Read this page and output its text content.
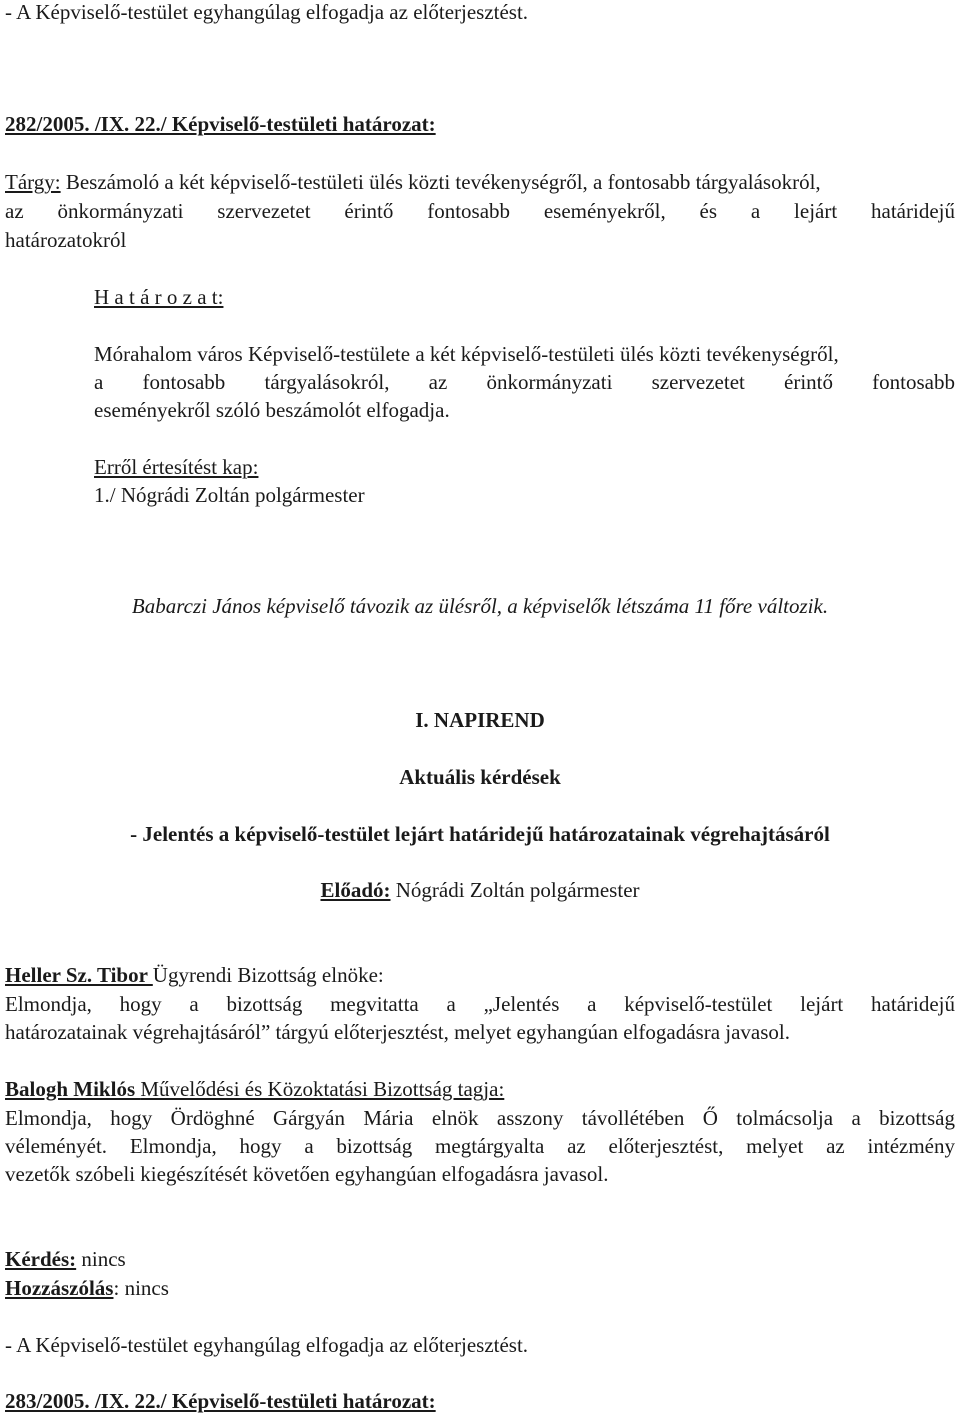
- A Képviselő-testület egyhangúlag elfogadja az előterjesztést.
282/2005. /IX. 22./ Képviselő-testületi határozat:
Tárgy: Beszámoló a két képviselő-testületi ülés közti tevékenységről, a fontosabb tárgyalásokról,
az önkormányzati szervezetet érintő fontosabb eseményekről, és a lejárt határidejű
határozatokról
H a t á r o z a t:
Mórahalom város Képviselő-testülete a két képviselő-testületi ülés közti tevékenységről,
a fontosabb tárgyalásokról, az önkormányzati szervezetet érintő fontosabb
eseményekről szóló beszámolót elfogadja.
Erről értesítést kap:
1./ Nógrádi Zoltán polgármester
Babarczi János képviselő távozik az ülésről, a képviselők létszáma 11 főre változik.
I. NAPIREND
Aktuális kérdések
- Jelentés a képviselő-testület lejárt határidejű határozatainak végrehajtásáról
Előadó: Nógrádi Zoltán polgármester
Heller Sz. Tibor Ügyrendi Bizottság elnöke:
Elmondja, hogy a bizottság megvitatta a „Jelentés a képviselő-testület lejárt határidejű
határozatainak végrehajtásáról” tárgyú előterjesztést, melyet egyhangúan elfogadásra javasol.
Balogh Miklós Művelődési és Közoktatási Bizottság tagja:
Elmondja, hogy Ördöghné Gárgyán Mária elnök asszony távollétében Ő tolmácsolja a bizottság
véleményét. Elmondja, hogy a bizottság megtárgyalta az előterjesztést, melyet az intézmény
vezetők szóbeli kiegészítését követően egyhangúan elfogadásra javasol.
Kérdés: nincs
Hozzászólás: nincs
- A Képviselő-testület egyhangúlag elfogadja az előterjesztést.
283/2005. /IX. 22./ Képviselő-testületi határozat:
